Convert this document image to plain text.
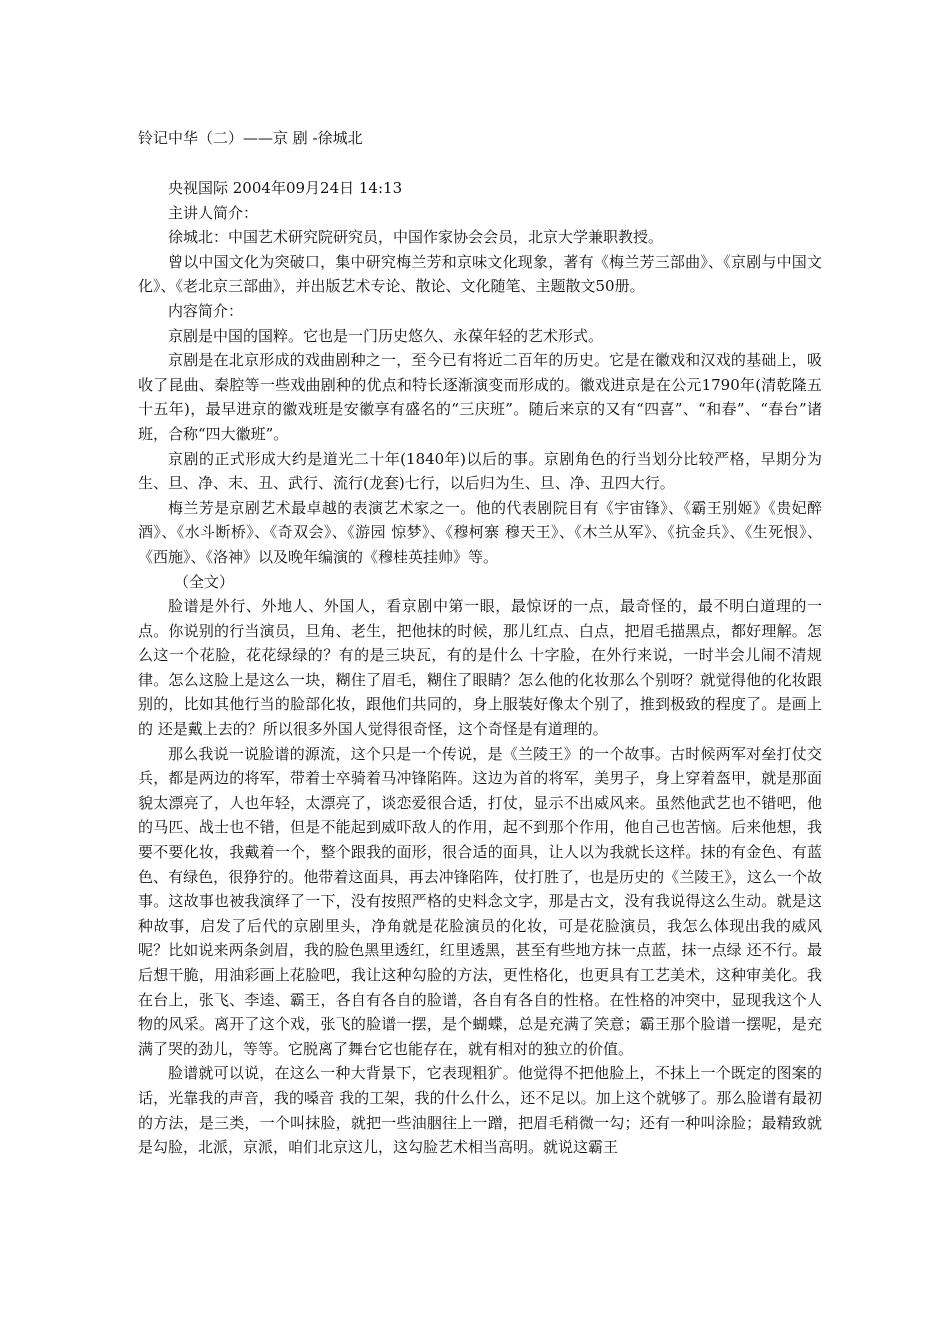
铃记中华（二）——京 剧 -徐城北

央视国际 2004年09月24日 14:13

主讲人简介：

徐城北：中国艺术研究院研究员，中国作家协会会员，北京大学兼职教授。

曾以中国文化为突破口，集中研究梅兰芳和京味文化现象，著有《梅兰芳三部曲》、《京剧与中国文化》、《老北京三部曲》，并出版艺术专论、散论、文化随笔、主题散文50册。

内容简介：

京剧是中国的国粹。它也是一门历史悠久、永葆年轻的艺术形式。

京剧是在北京形成的戏曲剧种之一，至今已有将近二百年的历史。它是在徽戏和汉戏的基础上，吸收了昆曲、秦腔等一些戏曲剧种的优点和特长逐渐演变而形成的。徽戏进京是在公元1790年(清乾隆五十五年)，最早进京的徽戏班是安徽享有盛名的“三庆班”。随后来京的又有“四喜”、“和春”、“春台”诸班，合称“四大徽班”。

京剧的正式形成大约是道光二十年(1840年)以后的事。京剧角色的行当划分比较严格，早期分为生、旦、净、末、丑、武行、流行(龙套)七行，以后归为生、旦、净、丑四大行。

梅兰芳是京剧艺术最卓越的表演艺术家之一。他的代表剧院目有《宇宙锋》、《霸王别姬》《贵妃醉酒》、《水斗断桥》、《奇双会》、《游园 惊梦》、《穆柯寨 穆天王》、《木兰从军》、《抗金兵》、《生死恨》、《西施》、《洛神》以及晚年编演的《穆桂英挂帅》等。

（全文）

脸谱是外行、外地人、外国人，看京剧中第一眼，最惊讶的一点，最奇怪的，最不明白道理的一点。你说别的行当演员，旦角、老生，把他抹的时候，那儿红点、白点，把眉毛描黑点，都好理解。怎么这一个花脸，花花绿绿的？有的是三块瓦，有的是什么 十字脸，在外行来说，一时半会儿闹不清规律。怎么这脸上是这么一块，糊住了眉毛，糊住了眼睛？怎么他的化妆那么个别呀？就觉得他的化妆跟别的，比如其他行当的脸部化妆，跟他们共同的，身上服装好像太个别了，推到极致的程度了。是画上的 还是戴上去的？所以很多外国人觉得很奇怪，这个奇怪是有道理的。

那么我说一说脸谱的源流，这个只是一个传说，是《兰陵王》的一个故事。古时候两军对垒打仗交兵，都是两边的将军，带着士卒骑着马冲锋陷阵。这边为首的将军，美男子，身上穿着盔甲，就是那面貌太漂亮了，人也年轻，太漂亮了，谈恋爱很合适，打仗，显示不出威风来。虽然他武艺也不错吧，他的马匹、战士也不错，但是不能起到威吓敌人的作用，起不到那个作用，他自己也苦恼。后来他想，我要不要化妆，我戴着一个，整个跟我的面形，很合适的面具，让人以为我就长这样。抹的有金色、有蓝色、有绿色，很狰狞的。他带着这面具，再去冲锋陷阵，仗打胜了，也是历史的《兰陵王》，这么一个故事。这故事也被我演绎了一下，没有按照严格的史料念文字，那是古文，没有我说得这么生动。就是这种故事，启发了后代的京剧里头，净角就是花脸演员的化妆，可是花脸演员，我怎么体现出我的威风呢？比如说来两条剑眉，我的脸色黑里透红，红里透黑，甚至有些地方抹一点蓝，抹一点绿 还不行。最后想干脆，用油彩画上花脸吧，我让这种勾脸的方法，更性格化，也更具有工艺美术，这种审美化。我在台上，张飞、李逵、霸王，各自有各自的脸谱，各自有各自的性格。在性格的冲突中，显现我这个人物的风采。离开了这个戏，张飞的脸谱一摆，是个蝴蝶，总是充满了笑意；霸王那个脸谱一摆呢，是充满了哭的劲儿，等等。它脱离了舞台它也能存在，就有相对的独立的价值。

脸谱就可以说，在这么一种大背景下，它表现粗犷。他觉得不把他脸上，不抹上一个既定的图案的话，光靠我的声音，我的嗓音 我的工架，我的什么什么，还不足以。加上这个就够了。那么脸谱有最初的方法，是三类，一个叫抹脸，就把一些油胭往上一蹭，把眉毛稍微一勾；还有一种叫涂脸；最精致就是勾脸，北派，京派，咱们北京这儿，这勾脸艺术相当高明。就说这霸王
